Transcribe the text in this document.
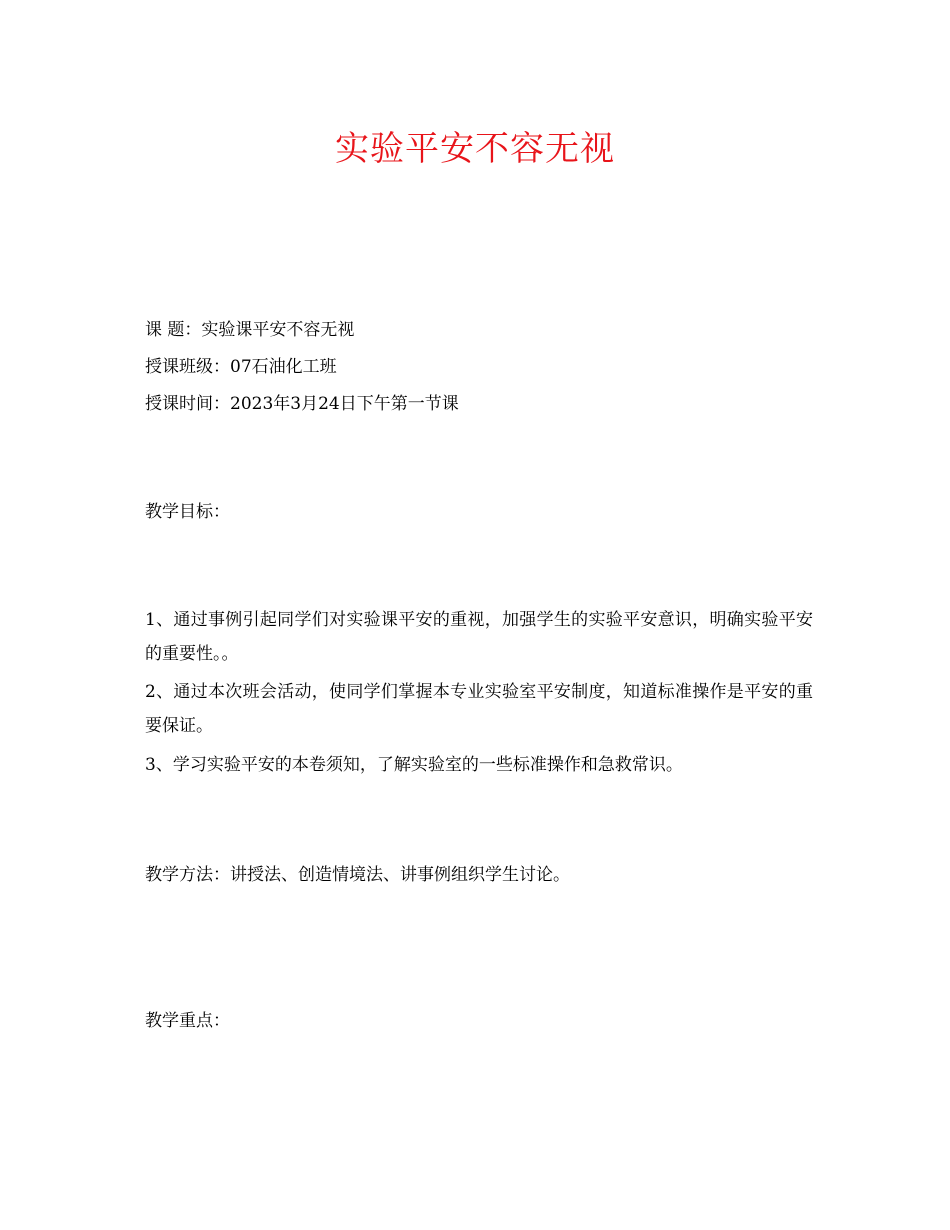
实验平安不容无视
课 题：实验课平安不容无视
授课班级：07石油化工班
授课时间：2023年3月24日下午第一节课
教学目标：
1、通过事例引起同学们对实验课平安的重视，加强学生的实验平安意识，明确实验平安的重要性。。
2、通过本次班会活动，使同学们掌握本专业实验室平安制度，知道标准操作是平安的重要保证。
3、学习实验平安的本卷须知，了解实验室的一些标准操作和急救常识。
教学方法：讲授法、创造情境法、讲事例组织学生讨论。
教学重点：
